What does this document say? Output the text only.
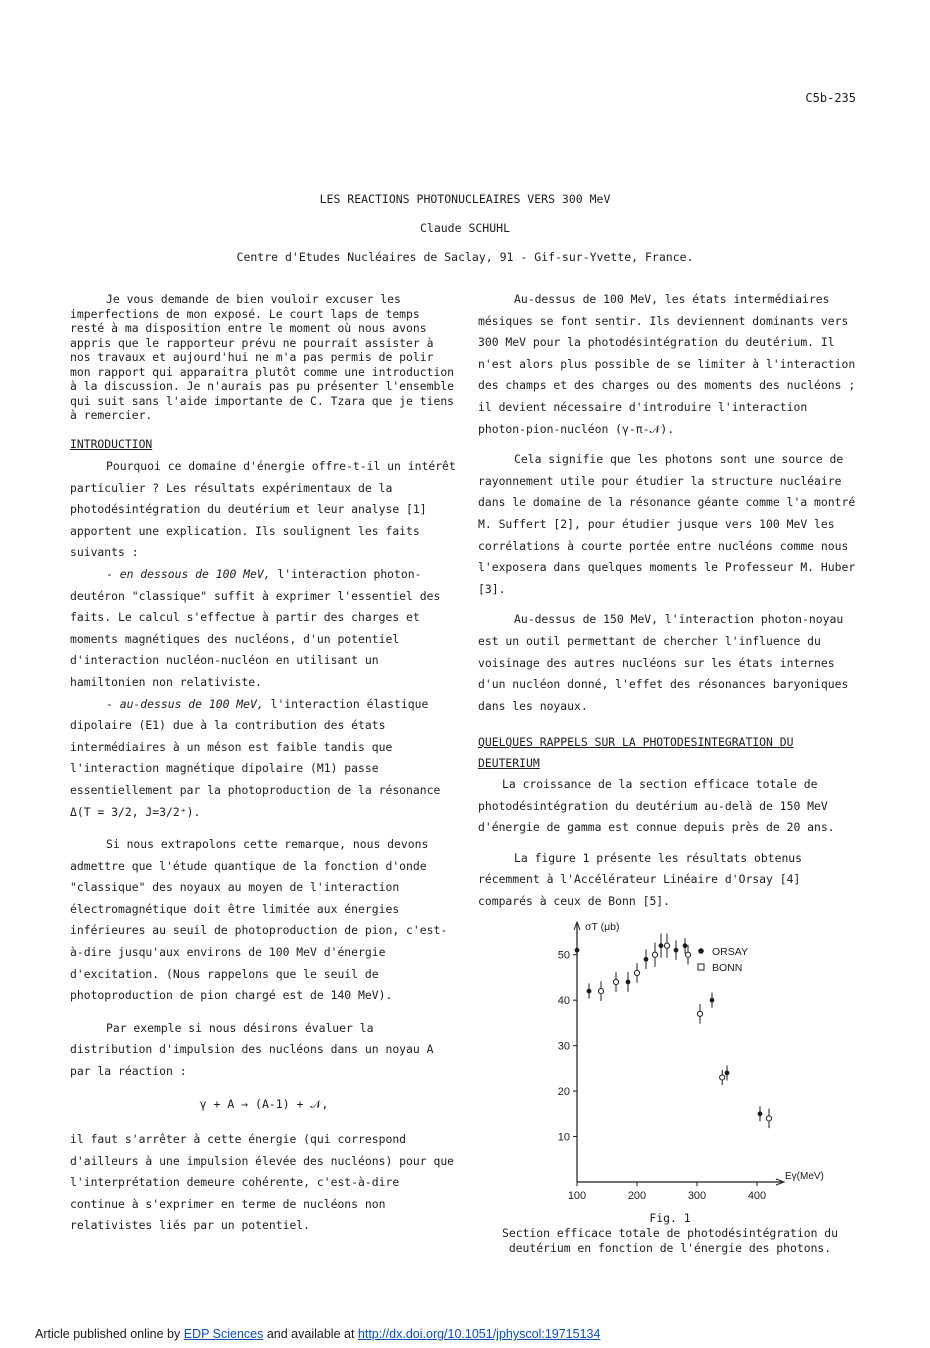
C5b-235
LES REACTIONS PHOTONUCLEAIRES VERS 300 MeV
Claude SCHUHL
Centre d'Etudes Nucléaires de Saclay, 91 - Gif-sur-Yvette, France.

Je vous demande de bien vouloir excuser les imperfections de mon exposé. Le court laps de temps resté à ma disposition entre le moment où nous avons appris que le rapporteur prévu ne pourrait assister à nos travaux et aujourd'hui ne m'a pas permis de polir mon rapport qui apparaitra plutôt comme une introduction à la discussion. Je n'aurais pas pu présenter l'ensemble qui suit sans l'aide importante de C. Tzara que je tiens à remercier.

INTRODUCTION

Pourquoi ce domaine d'énergie offre-t-il un intérêt particulier ? Les résultats expérimentaux de la photodésintégration du deutérium et leur analyse [1] apportent une explication. Ils soulignent les faits suivants :

- en dessous de 100 MeV, l'interaction photon-deutéron "classique" suffit à exprimer l'essentiel des faits. Le calcul s'effectue à partir des charges et moments magnétiques des nucléons, d'un potentiel d'interaction nucléon-nucléon en utilisant un hamiltonien non relativiste.

- au-dessus de 100 MeV, l'interaction élastique dipolaire (E1) due à la contribution des états intermédiaires à un méson est faible tandis que l'interaction magnétique dipolaire (M1) passe essentiellement par la photoproduction de la résonance Δ(T = 3/2, J=3/2⁺).

Si nous extrapolons cette remarque, nous devons admettre que l'étude quantique de la fonction d'onde "classique" des noyaux au moyen de l'interaction électromagnétique doit être limitée aux énergies inférieures au seuil de photoproduction de pion, c'est-à-dire jusqu'aux environs de 100 MeV d'énergie d'excitation. (Nous rappelons que le seuil de photoproduction de pion chargé est de 140 MeV).

Par exemple si nous désirons évaluer la distribution d'impulsion des nucléons dans un noyau A par la réaction :

γ + A → (A-1) + 𝒩,

il faut s'arrêter à cette énergie (qui correspond d'ailleurs à une impulsion élevée des nucléons) pour que l'interprétation demeure cohérente, c'est-à-dire continue à s'exprimer en terme de nucléons non relativistes liés par un potentiel.

Au-dessus de 100 MeV, les états intermédiaires mésiques se font sentir. Ils deviennent dominants vers 300 MeV pour la photodésintégration du deutérium. Il n'est alors plus possible de se limiter à l'interaction des champs et des charges ou des moments des nucléons ; il devient nécessaire d'introduire l'interaction photon-pion-nucléon (γ-π-𝒩).

Cela signifie que les photons sont une source de rayonnement utile pour étudier la structure nucléaire dans le domaine de la résonance géante comme l'a montré M. Suffert [2], pour étudier jusque vers 100 MeV les corrélations à courte portée entre nucléons comme nous l'exposera dans quelques moments le Professeur M. Huber [3].

Au-dessus de 150 MeV, l'interaction photon-noyau est un outil permettant de chercher l'influence du voisinage des autres nucléons sur les états internes d'un nucléon donné, l'effet des résonances baryoniques dans les noyaux.

QUELQUES RAPPELS SUR LA PHOTODESINTEGRATION DU DEUTERIUM

La croissance de la section efficace totale de photodésintégration du deutérium au-delà de 150 MeV d'énergie de gamma est connue depuis près de 20 ans.

La figure 1 présente les résultats obtenus récemment à l'Accélérateur Linéaire d'Orsay [4] comparés à ceux de Bonn [5].

10
20
30
40
50
100	200	300	400
σT (μb)
Eγ(MeV)
ORSAY
BONN
Fig. 1
Section efficace totale de photodésintégration du deutérium en fonction de l'énergie des photons.
Article published online by EDP Sciences and available at http://dx.doi.org/10.1051/jphyscol:19715134
